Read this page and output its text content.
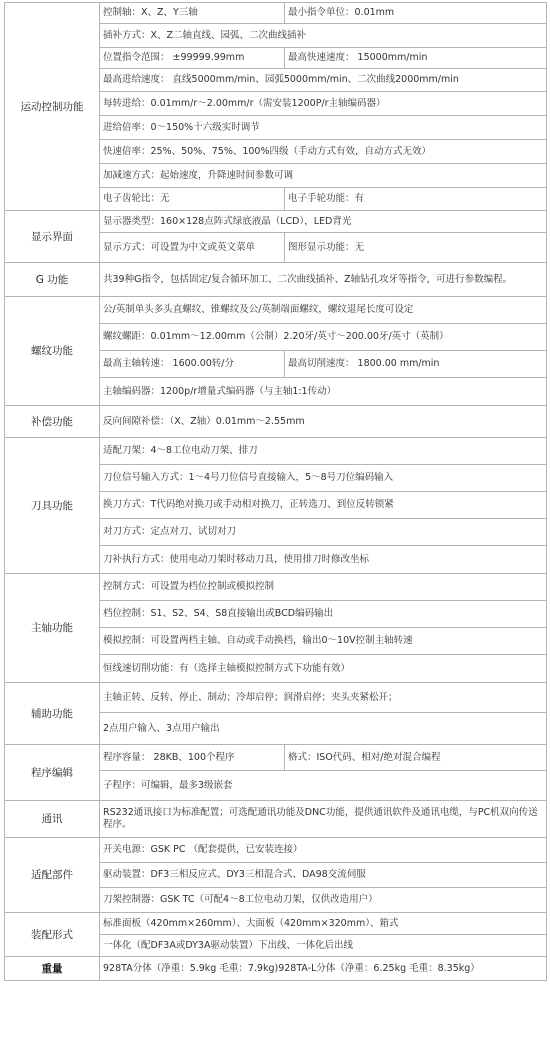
运动控制功能	控制轴：X、Z、Y三轴	最小指令单位：0.01mm
	插补方式：X、Z二轴直线、园弧、二次曲线插补	
	位置指令范围： ±99999.99mm	最高快速速度： 15000mm/min
	最高进给速度： 直线5000mm/min、园弧5000mm/min、二次曲线2000mm/min	
	每转进给：0.01mm/r～2.00mm/r（需安装1200P/r主轴编码器）	
	进给倍率：0～150%十六级实时调节	
	快速倍率：25%、50%、75%、100%四级（手动方式有效，自动方式无效）	
	加减速方式：起始速度，升降速时间参数可调	
	电子齿轮比：无	电子手轮功能：有
显示界面	显示器类型：160×128点阵式绿底液晶（LCD），LED背光	
	显示方式：可设置为中文或英文菜单	图形显示功能：无
G 功能	共39种G指令，包括固定/复合循环加工、二次曲线插补、Z轴钻孔攻牙等指令，可进行参数编程。	
螺纹功能	公/英制单头多头直螺纹、锥螺纹及公/英制端面螺纹，螺纹退尾长度可设定	
	螺纹螺距：0.01mm～12.00mm（公制）2.20牙/英寸～200.00牙/英寸（英制）	
	最高主轴转速： 1600.00转/分	最高切削速度： 1800.00 mm/min
	主轴编码器：1200p/r增量式编码器（与主轴1:1传动）	
补偿功能	反向间隙补偿：（X、Z轴）0.01mm～2.55mm	
刀具功能	适配刀架：4～8工位电动刀架、排刀	
	刀位信号输入方式：1～4号刀位信号直接输入，5～8号刀位编码输入	
	换刀方式：T代码绝对换刀或手动相对换刀，正转选刀、到位反转锁紧	
	对刀方式：定点对刀、试切对刀	
	刀补执行方式：使用电动刀架时移动刀具，使用排刀时修改坐标	
主轴功能	控制方式：可设置为档位控制或模拟控制	
	档位控制：S1、S2、S4、S8直接输出或BCD编码输出	
	模拟控制：可设置两档主轴、自动或手动换档，输出0～10V控制主轴转速	
	恒线速切削功能：有（选择主轴模拟控制方式下功能有效）	
辅助功能	主轴正转、反转、停止、制动；冷却启停；润滑启停；夹头夹紧松开；	
	2点用户输入、3点用户输出	
程序编辑	程序容量： 28KB、100个程序	格式：ISO代码、相对/绝对混合编程
	子程序：可编辑，最多3级嵌套	
通讯	RS232通讯接口为标准配置；可选配通讯功能及DNC功能，提供通讯软件及通讯电缆，与PC机双向传送程序。	
适配部件	开关电源：GSK PC （配套提供，已安装连接）	
	驱动装置：DF3三相反应式、DY3三相混合式、DA98交流伺服	
	刀架控制器：GSK TC（可配4～8工位电动刀架，仅供改造用户）	
装配形式	标准面板（420mm×260mm）、大面板（420mm×320mm）、箱式	
	一体化（配DF3A或DY3A驱动装置）下出线、一体化后出线	
重量	928TA分体（净重：5.9kg 毛重：7.9kg)928TA-L分体（净重：6.25kg 毛重：8.35kg）	
